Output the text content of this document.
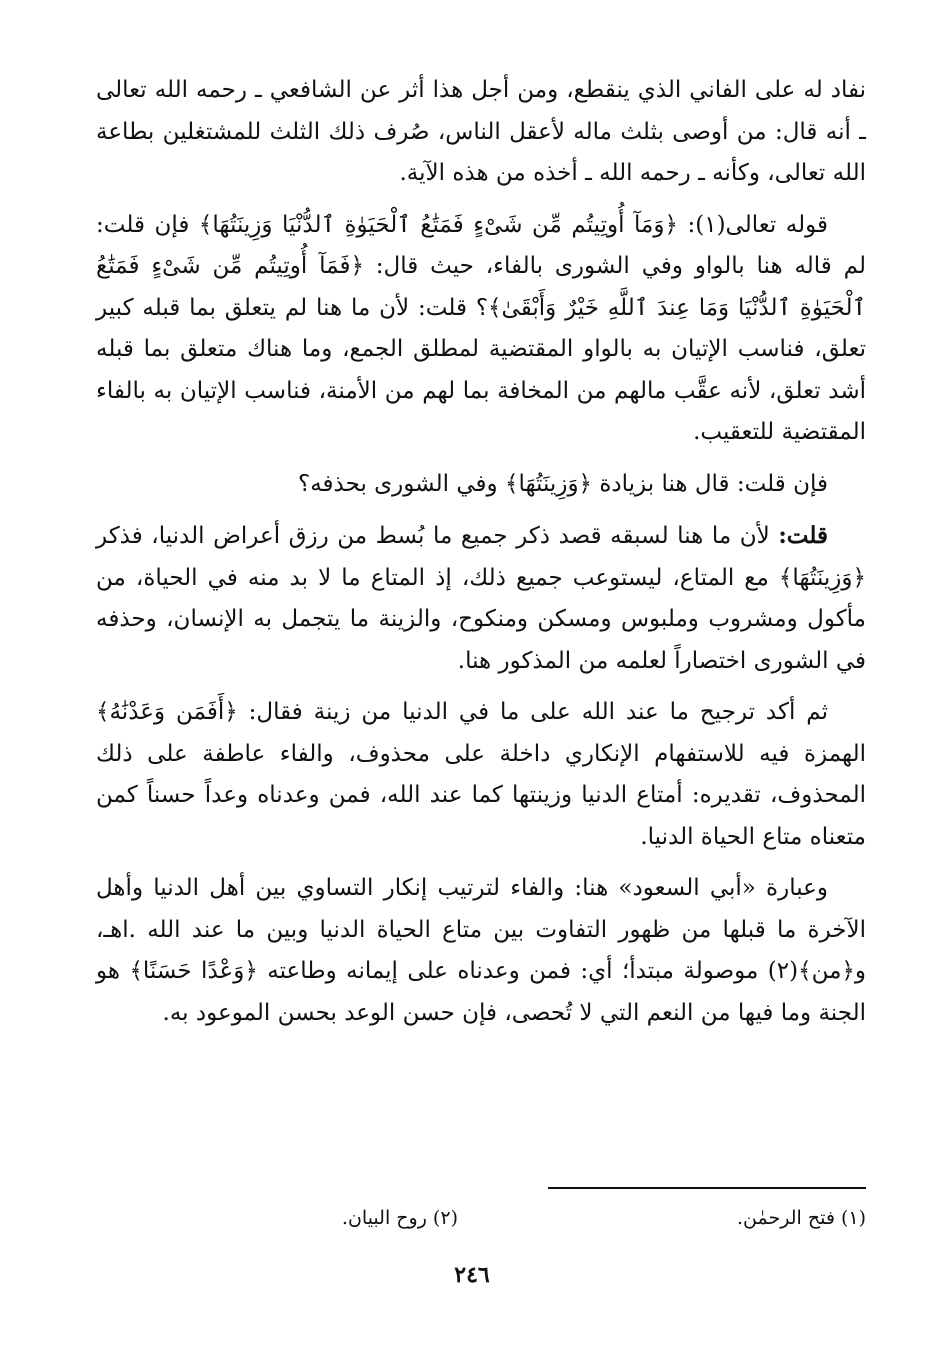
نفاد له على الفاني الذي ينقطع، ومن أجل هذا أثر عن الشافعي ـ رحمه الله تعالى ـ أنه قال: من أوصى بثلث ماله لأعقل الناس، صُرف ذلك الثلث للمشتغلين بطاعة الله تعالى، وكأنه ـ رحمه الله ـ أخذه من هذه الآية.

قوله تعالى(١): ﴿وَمَآ أُوتِيتُم مِّن شَىْءٍ فَمَتَٰعُ ٱلْحَيَوٰةِ ٱلدُّنْيَا وَزِينَتُهَا﴾ فإن قلت: لم قاله هنا بالواو وفي الشورى بالفاء، حيث قال: ﴿فَمَآ أُوتِيتُم مِّن شَىْءٍ فَمَتَٰعُ ٱلْحَيَوٰةِ ٱلدُّنْيَا وَمَا عِندَ ٱللَّهِ خَيْرٌ وَأَبْقَىٰ﴾؟ قلت: لأن ما هنا لم يتعلق بما قبله كبير تعلق، فناسب الإتيان به بالواو المقتضية لمطلق الجمع، وما هناك متعلق بما قبله أشد تعلق، لأنه عقَّب مالهم من المخافة بما لهم من الأمنة، فناسب الإتيان به بالفاء المقتضية للتعقيب.

فإن قلت: قال هنا بزيادة ﴿وَزِينَتُهَا﴾ وفي الشورى بحذفه؟

قلت: لأن ما هنا لسبقه قصد ذكر جميع ما بُسط من رزق أعراض الدنيا، فذكر ﴿وَزِينَتُهَا﴾ مع المتاع، ليستوعب جميع ذلك، إذ المتاع ما لا بد منه في الحياة، من مأكول ومشروب وملبوس ومسكن ومنكوح، والزينة ما يتجمل به الإنسان، وحذفه في الشورى اختصاراً لعلمه من المذكور هنا.

ثم أكد ترجيح ما عند الله على ما في الدنيا من زينة فقال: ﴿أَفَمَن وَعَدْنَٰهُ﴾ الهمزة فيه للاستفهام الإنكاري داخلة على محذوف، والفاء عاطفة على ذلك المحذوف، تقديره: أمتاع الدنيا وزينتها كما عند الله، فمن وعدناه وعداً حسناً كمن متعناه متاع الحياة الدنيا.

وعبارة «أبي السعود» هنا: والفاء لترتيب إنكار التساوي بين أهل الدنيا وأهل الآخرة ما قبلها من ظهور التفاوت بين متاع الحياة الدنيا وبين ما عند الله .اهـ، و﴿من﴾(٢) موصولة مبتدأ؛ أي: فمن وعدناه على إيمانه وطاعته ﴿وَعْدًا حَسَنًا﴾ هو الجنة وما فيها من النعم التي لا تُحصى، فإن حسن الوعد بحسن الموعود به.

(١) فتح الرحمٰن.
(٢) روح البيان.
٢٤٦
